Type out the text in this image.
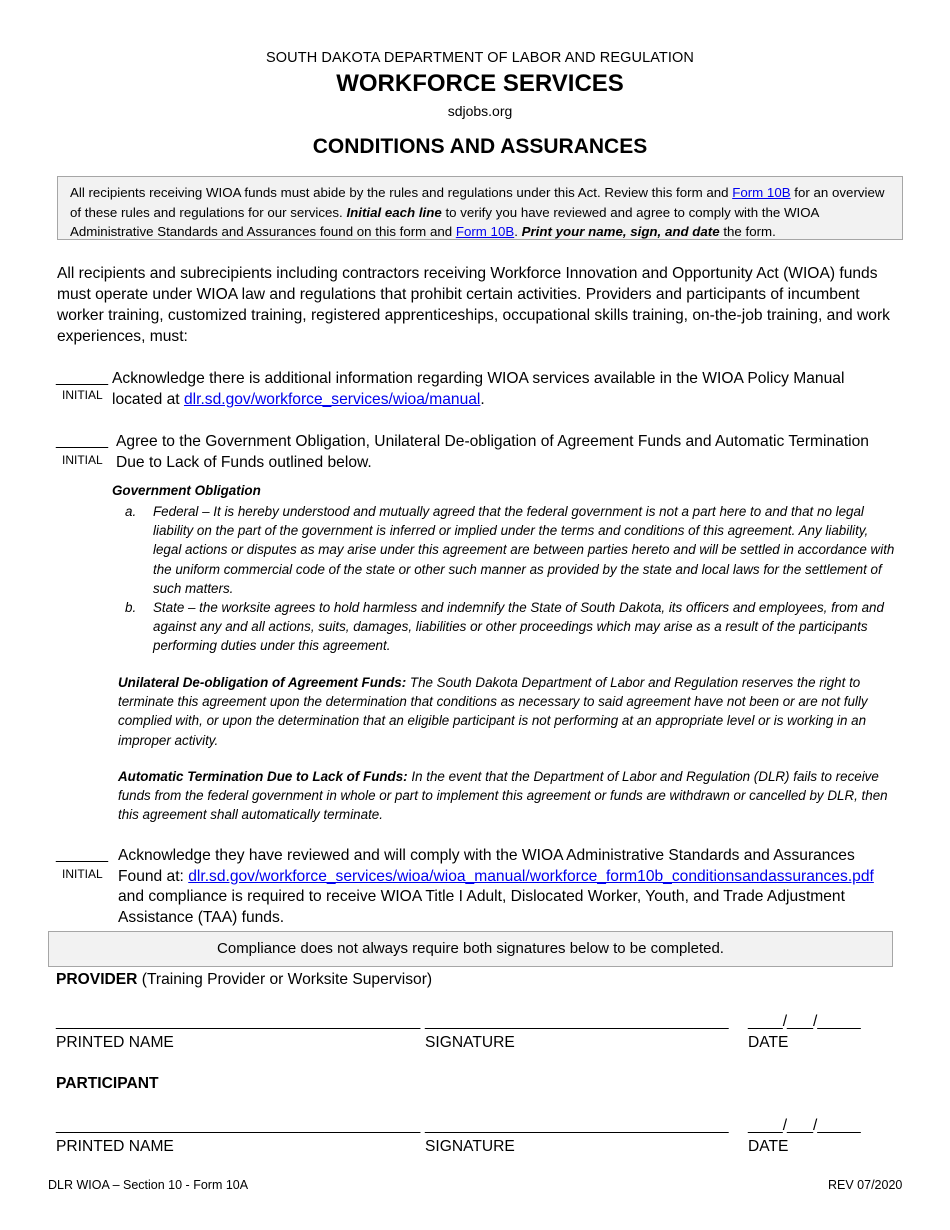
SOUTH DAKOTA DEPARTMENT OF LABOR AND REGULATION
WORKFORCE SERVICES
sdjobs.org
CONDITIONS AND ASSURANCES
All recipients receiving WIOA funds must abide by the rules and regulations under this Act. Review this form and Form 10B for an overview of these rules and regulations for our services. Initial each line to verify you have reviewed and agree to comply with the WIOA Administrative Standards and Assurances found on this form and Form 10B. Print your name, sign, and date the form.
All recipients and subrecipients including contractors receiving Workforce Innovation and Opportunity Act (WIOA) funds must operate under WIOA law and regulations that prohibit certain activities. Providers and participants of incumbent worker training, customized training, registered apprenticeships, occupational skills training, on-the-job training, and work experiences, must:
______
INITIAL
Acknowledge there is additional information regarding WIOA services available in the WIOA Policy Manual
located at dlr.sd.gov/workforce_services/wioa/manual.
______
INITIAL
Agree to the Government Obligation, Unilateral De-obligation of Agreement Funds and Automatic Termination Due to Lack of Funds outlined below.
Government Obligation
a. Federal – It is hereby understood and mutually agreed that the federal government is not a part here to and that no legal liability on the part of the government is inferred or implied under the terms and conditions of this agreement. Any liability, legal actions or disputes as may arise under this agreement are between parties hereto and will be settled in accordance with the uniform commercial code of the state or other such manner as provided by the state and local laws for the settlement of such matters.
b. State – the worksite agrees to hold harmless and indemnify the State of South Dakota, its officers and employees, from and against any and all actions, suits, damages, liabilities or other proceedings which may arise as a result of the participants performing duties under this agreement.
Unilateral De-obligation of Agreement Funds: The South Dakota Department of Labor and Regulation reserves the right to terminate this agreement upon the determination that conditions as necessary to said agreement have not been or are not fully complied with, or upon the determination that an eligible participant is not performing at an appropriate level or is working in an improper activity.
Automatic Termination Due to Lack of Funds: In the event that the Department of Labor and Regulation (DLR) fails to receive funds from the federal government in whole or part to implement this agreement or funds are withdrawn or cancelled by DLR, then this agreement shall automatically terminate.
______
INITIAL
Acknowledge they have reviewed and will comply with the WIOA Administrative Standards and Assurances
Found at: dlr.sd.gov/workforce_services/wioa/wioa_manual/workforce_form10b_conditionsandassurances.pdf
and compliance is required to receive WIOA Title I Adult, Dislocated Worker, Youth, and Trade Adjustment Assistance (TAA) funds.
Compliance does not always require both signatures below to be completed.
PROVIDER (Training Provider or Worksite Supervisor)
__________________________________________ ___________________________________ ____/___/_____
PRINTED NAME	SIGNATURE	DATE
PARTICIPANT
__________________________________________ ___________________________________ ____/___/_____
PRINTED NAME	SIGNATURE	DATE
DLR WIOA – Section 10 - Form 10A	REV 07/2020
